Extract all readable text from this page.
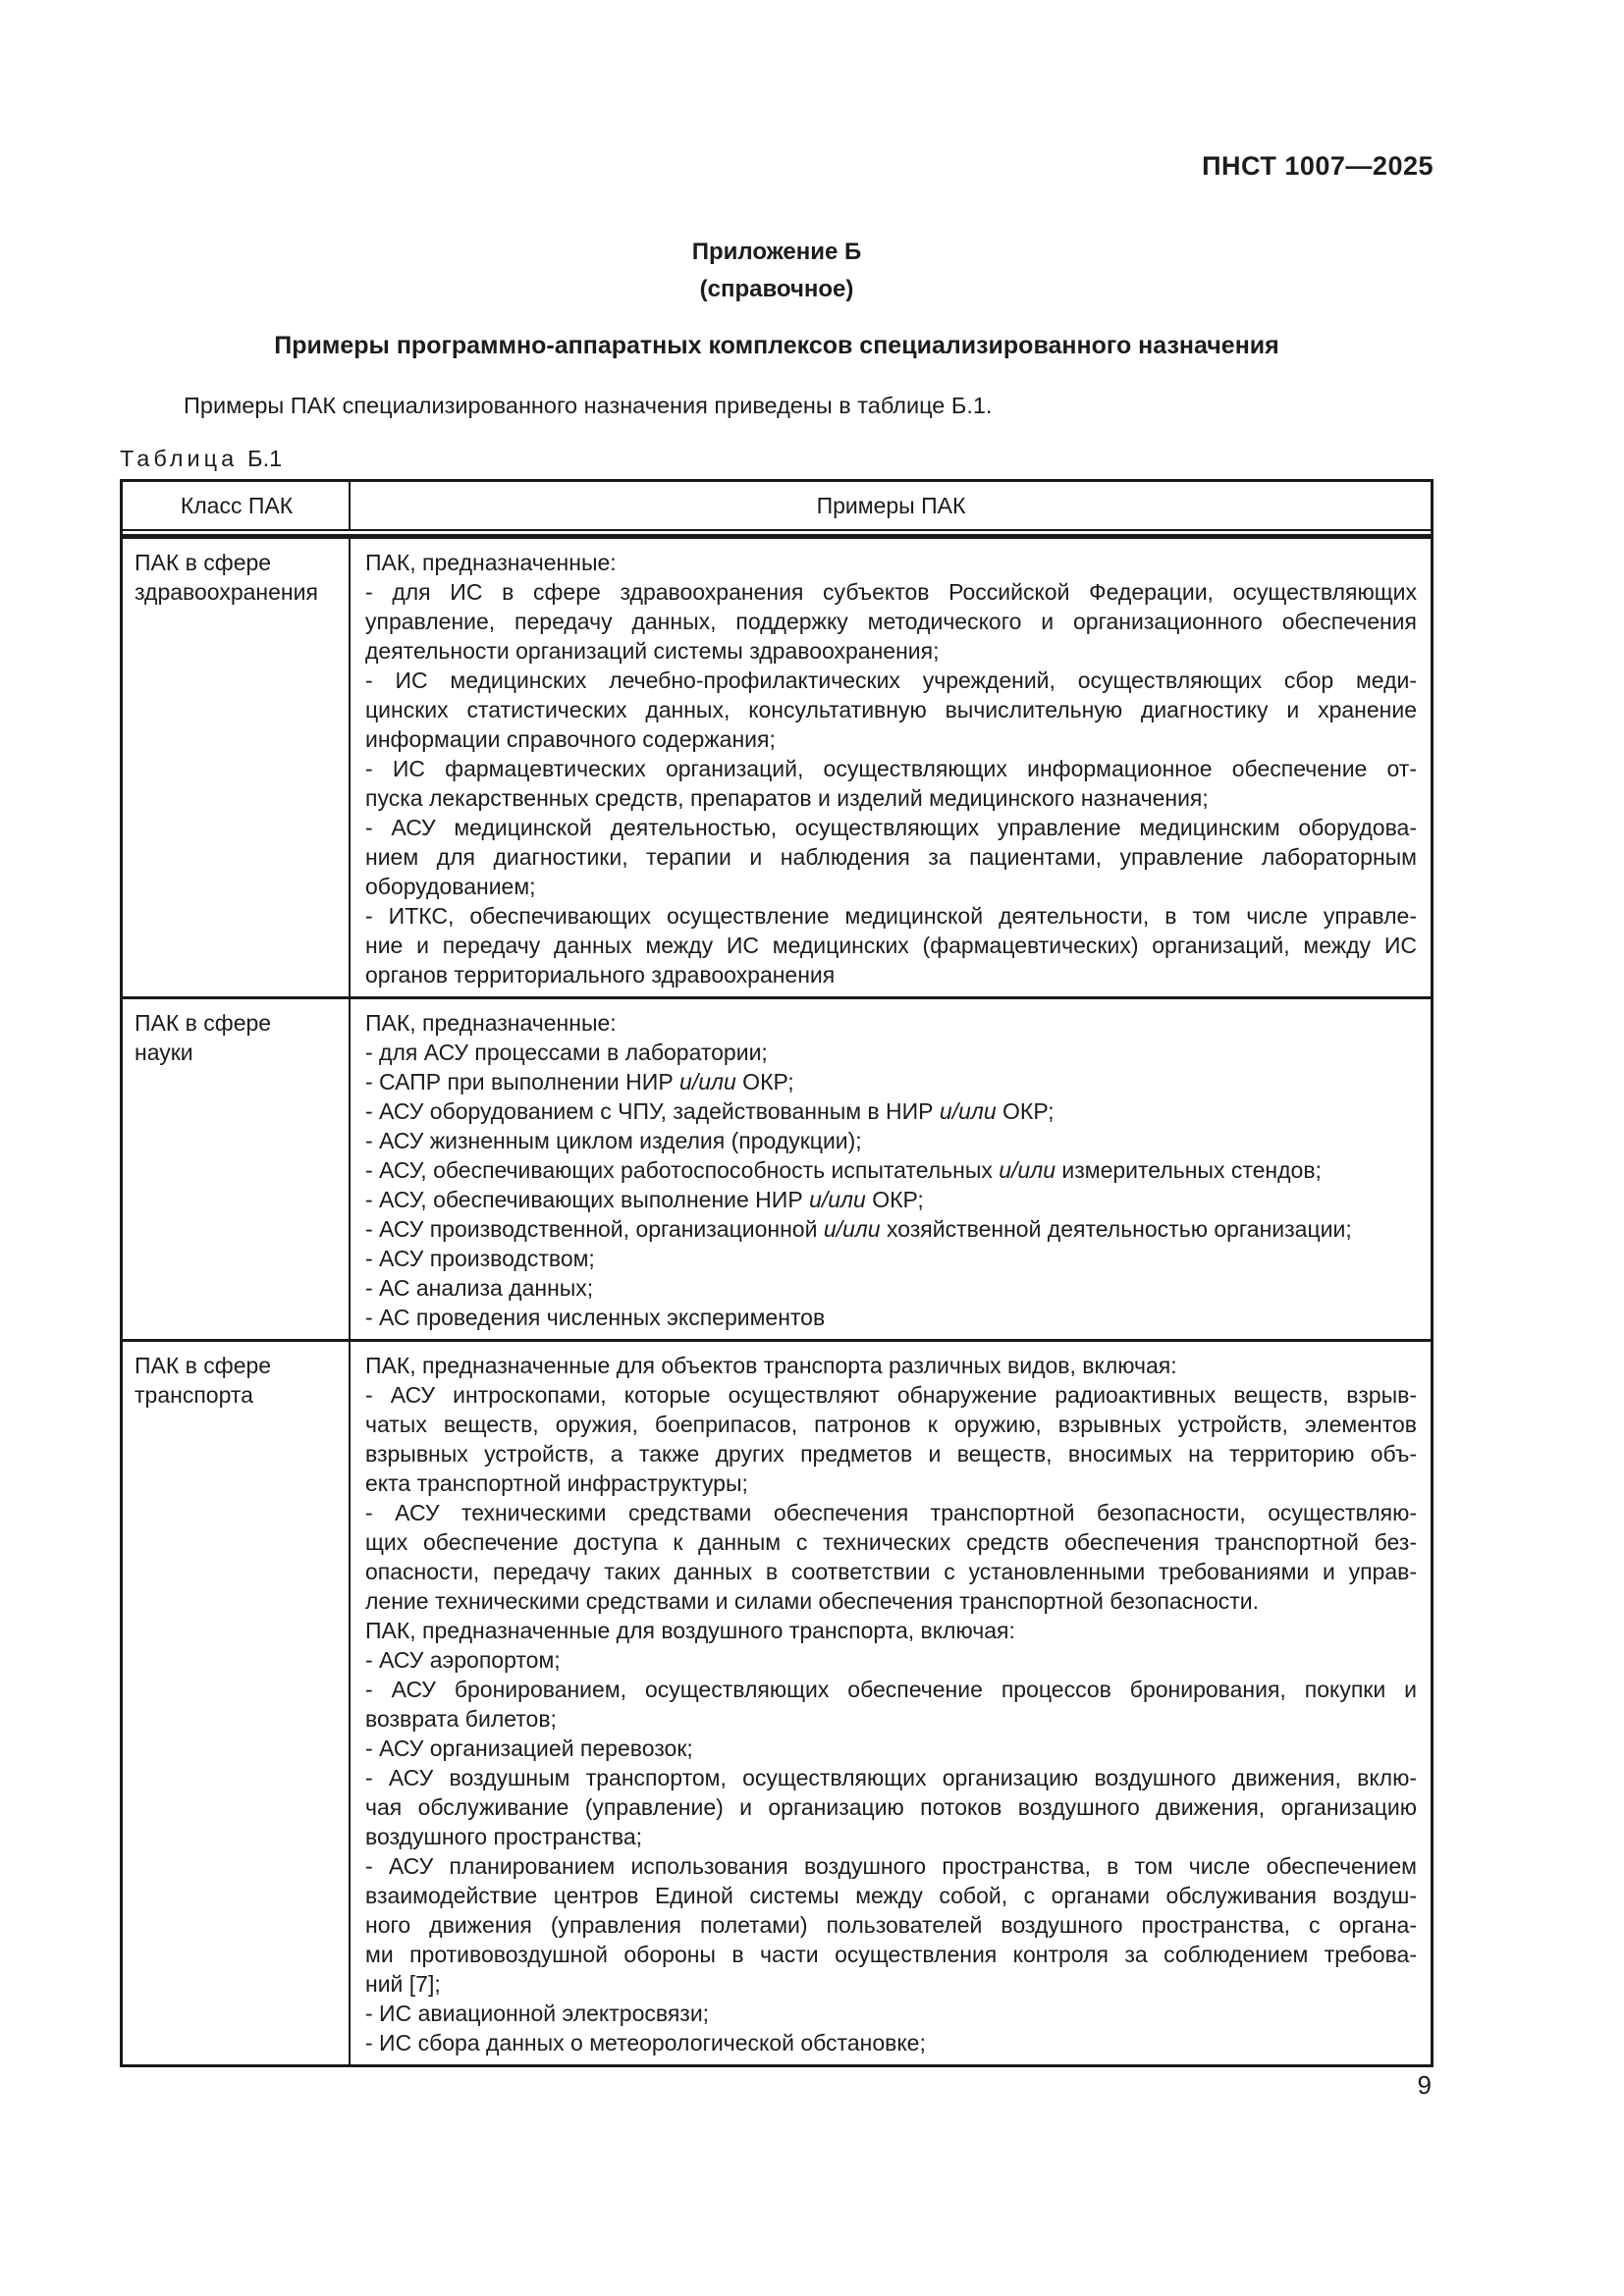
ПНСТ 1007—2025
Приложение Б
(справочное)
Примеры программно-аппаратных комплексов специализированного назначения
Примеры ПАК специализированного назначения приведены в таблице Б.1.
Таблица Б.1
Класс ПАК	Примеры ПАК
ПАК в сфере
здравоохранения
ПАК, предназначенные:
- для ИС в сфере здравоохранения субъектов Российской Федерации, осуществляющих
управление, передачу данных, поддержку методического и организационного обеспечения
деятельности организаций системы здравоохранения;
- ИС медицинских лечебно-профилактических учреждений, осуществляющих сбор меди-
цинских статистических данных, консультативную вычислительную диагностику и хранение
информации справочного содержания;
- ИС фармацевтических организаций, осуществляющих информационное обеспечение от-
пуска лекарственных средств, препаратов и изделий медицинского назначения;
- АСУ медицинской деятельностью, осуществляющих управление медицинским оборудова-
нием для диагностики, терапии и наблюдения за пациентами, управление лабораторным
оборудованием;
- ИТКС, обеспечивающих осуществление медицинской деятельности, в том числе управле-
ние и передачу данных между ИС медицинских (фармацевтических) организаций, между ИС
органов территориального здравоохранения
ПАК в сфере
науки
ПАК, предназначенные:
- для АСУ процессами в лаборатории;
- САПР при выполнении НИР и/или ОКР;
- АСУ оборудованием с ЧПУ, задействованным в НИР и/или ОКР;
- АСУ жизненным циклом изделия (продукции);
- АСУ, обеспечивающих работоспособность испытательных и/или измерительных стендов;
- АСУ, обеспечивающих выполнение НИР и/или ОКР;
- АСУ производственной, организационной и/или хозяйственной деятельностью организации;
- АСУ производством;
- АС анализа данных;
- АС проведения численных экспериментов
ПАК в сфере
транспорта
ПАК, предназначенные для объектов транспорта различных видов, включая:
- АСУ интроскопами, которые осуществляют обнаружение радиоактивных веществ, взрыв-
чатых веществ, оружия, боеприпасов, патронов к оружию, взрывных устройств, элементов
взрывных устройств, а также других предметов и веществ, вносимых на территорию объ-
екта транспортной инфраструктуры;
- АСУ техническими средствами обеспечения транспортной безопасности, осуществляю-
щих обеспечение доступа к данным с технических средств обеспечения транспортной без-
опасности, передачу таких данных в соответствии с установленными требованиями и управ-
ление техническими средствами и силами обеспечения транспортной безопасности.
ПАК, предназначенные для воздушного транспорта, включая:
- АСУ аэропортом;
- АСУ бронированием, осуществляющих обеспечение процессов бронирования, покупки и
возврата билетов;
- АСУ организацией перевозок;
- АСУ воздушным транспортом, осуществляющих организацию воздушного движения, вклю-
чая обслуживание (управление) и организацию потоков воздушного движения, организацию
воздушного пространства;
- АСУ планированием использования воздушного пространства, в том числе обеспечением
взаимодействие центров Единой системы между собой, с органами обслуживания воздуш-
ного движения (управления полетами) пользователей воздушного пространства, с органа-
ми противовоздушной обороны в части осуществления контроля за соблюдением требова-
ний [7];
- ИС авиационной электросвязи;
- ИС сбора данных о метеорологической обстановке;
9
